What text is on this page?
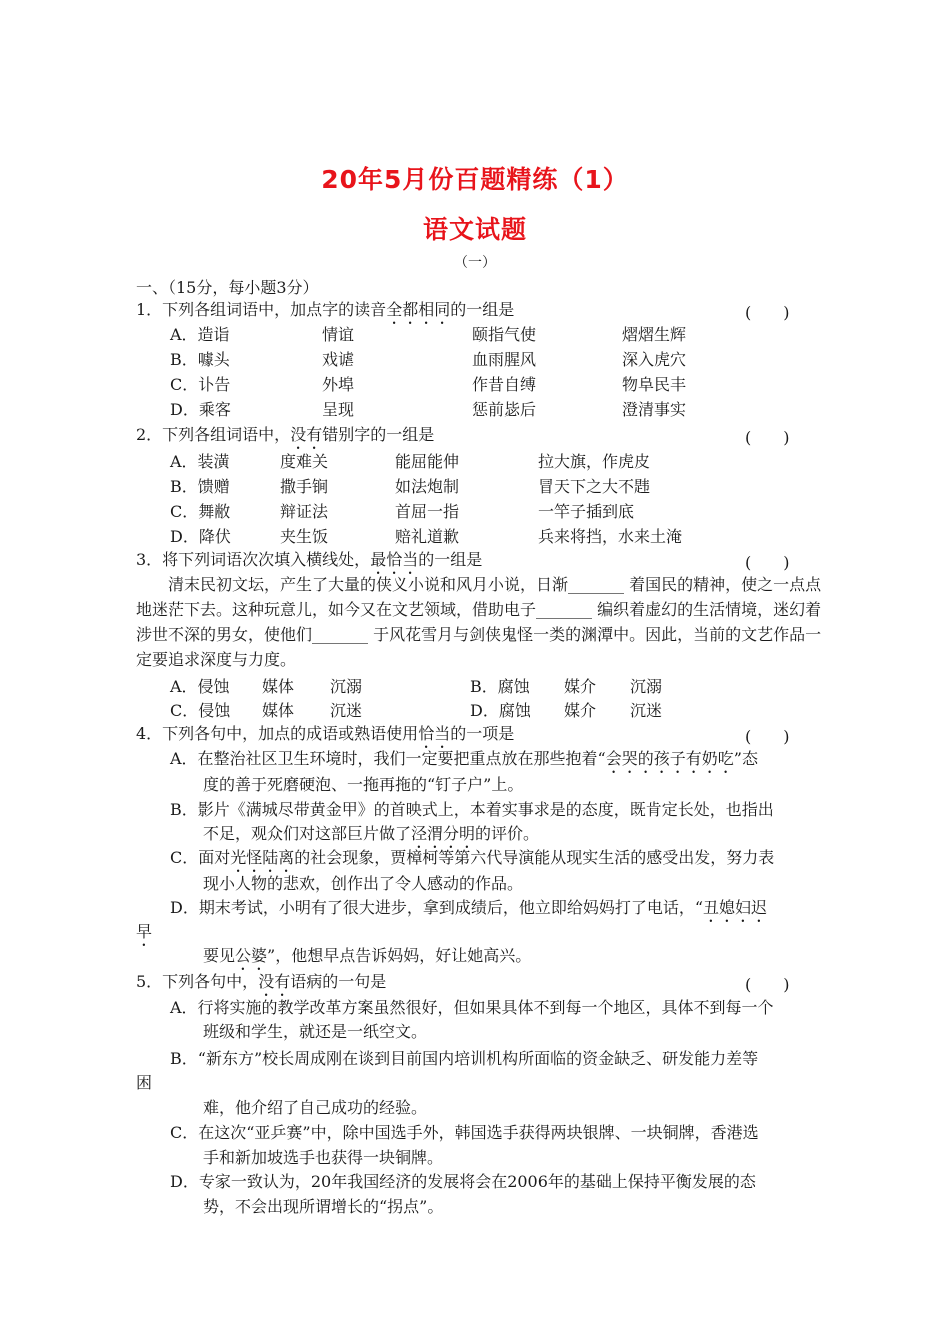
20年5月份百题精练（1）
语文试题
（一）
一、（15分，每小题3分）
1．下列各组词语中，加点字的读音全都相同的一组是	(　　)
A．造诣	情谊	颐指气使	熠熠生辉
B．噱头	戏谑	血雨腥风	深入虎穴
C．讣告	外埠	作昔自缚	物阜民丰
D．乘客	呈现	惩前毖后	澄清事实
2．下列各组词语中，没有错别字的一组是	(　　)
A．装潢	度难关	能屈能伸	拉大旗，作虎皮
B．馈赠	撒手锏	如法炮制	冒天下之大不韪
C．舞敝	辩证法	首屈一指	一竿子插到底
D．降伏	夹生饭	赔礼道歉	兵来将挡，水来土淹
3．将下列词语次次填入横线处，最恰当的一组是	(　　)
清末民初文坛，产生了大量的侠义小说和风月小说，日渐_______ 着国民的精神，使之一点点地迷茫下去。这种玩意儿，如今又在文艺领域，借助电子_______ 编织着虚幻的生活情境，迷幻着涉世不深的男女，使他们_______ 于风花雪月与剑侠鬼怪一类的渊潭中。因此，当前的文艺作品一定要追求深度与力度。
A．侵蚀 媒体 沉溺	B．腐蚀 媒介 沉溺
C．侵蚀 媒体 沉迷	D．腐蚀 媒介 沉迷
4．下列各句中，加点的成语或熟语使用恰当的一项是	(　　)
A．在整治社区卫生环境时，我们一定要把重点放在那些抱着“会哭的孩子有奶吃”态
度的善于死磨硬泡、一拖再拖的“钉子户”上。
B．影片《满城尽带黄金甲》的首映式上，本着实事求是的态度，既肯定长处，也指出
不足，观众们对这部巨片做了泾渭分明的评价。
C．面对光怪陆离的社会现象，贾樟柯等第六代导演能从现实生活的感受出发，努力表
现小人物的悲欢，创作出了令人感动的作品。
D．期末考试，小明有了很大进步，拿到成绩后，他立即给妈妈打了电话，“丑媳妇迟
早
要见公婆”，他想早点告诉妈妈，好让她高兴。
5．下列各句中，没有语病的一句是	(　　)
A．行将实施的教学改革方案虽然很好，但如果具体不到每一个地区，具体不到每一个
班级和学生，就还是一纸空文。
B．“新东方”校长周成刚在谈到目前国内培训机构所面临的资金缺乏、研发能力差等
困
难，他介绍了自己成功的经验。
C．在这次“亚乒赛”中，除中国选手外，韩国选手获得两块银牌、一块铜牌，香港选
手和新加坡选手也获得一块铜牌。
D．专家一致认为，20年我国经济的发展将会在2006年的基础上保持平衡发展的态
势，不会出现所谓增长的“拐点”。
